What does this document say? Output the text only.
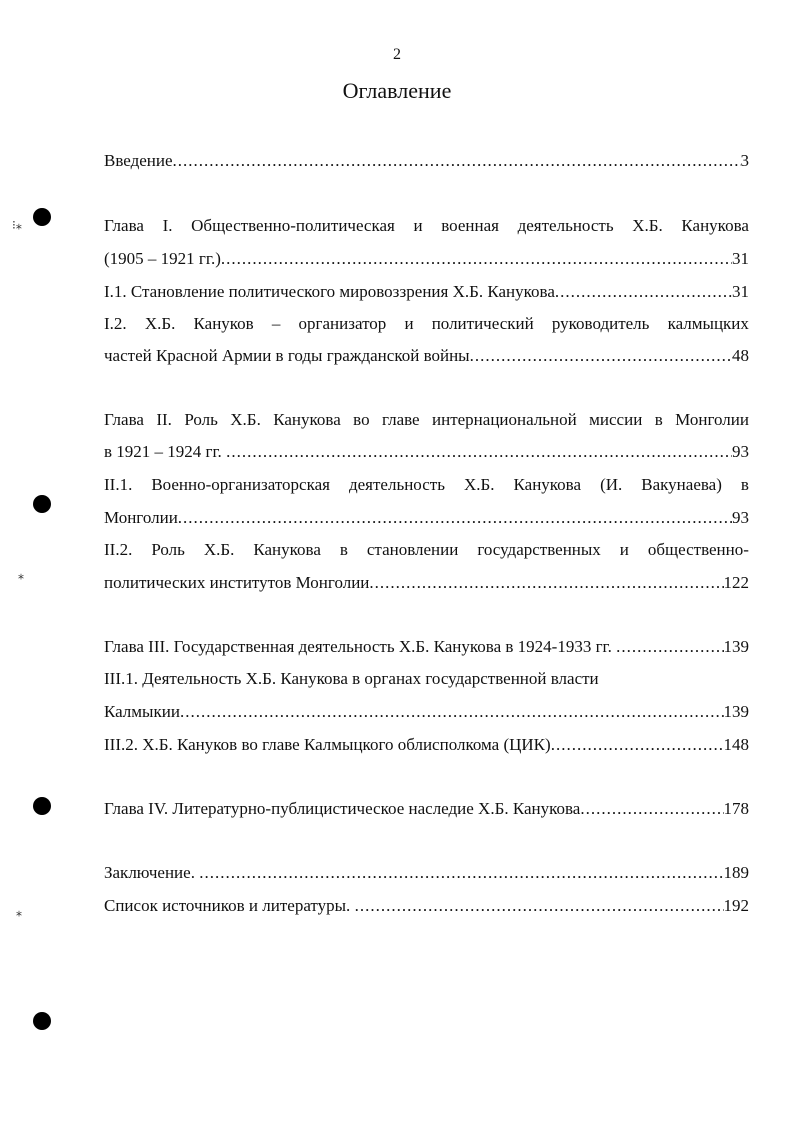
2
Оглавление
Введение .....	3
Глава I. Общественно-политическая и военная деятельность Х.Б. Канукова
(1905 – 1921 гг.) .....	31
I.1. Становление политического мировоззрения Х.Б. Канукова .....	31
I.2. Х.Б. Кануков – организатор и политический руководитель калмыцких
частей Красной Армии в годы гражданской войны .....	48
Глава II. Роль Х.Б. Канукова во главе интернациональной миссии в Монголии
в 1921 – 1924 гг. .....	93
II.1. Военно-организаторская деятельность Х.Б. Канукова (И. Вакунаева) в
Монголии .....	93
II.2. Роль Х.Б. Канукова в становлении государственных и общественно-
политических институтов Монголии .....	122
Глава III. Государственная деятельность Х.Б. Канукова в 1924-1933 гг. .....	139
III.1. Деятельность Х.Б. Канукова в органах государственной власти
Калмыкии .....	139
III.2. Х.Б. Кануков во главе Калмыцкого облисполкома (ЦИК) .....	148
Глава IV. Литературно-публицистическое наследие Х.Б. Канукова .....	178
Заключение. .....	189
Список источников и литературы. .....	192
⁝⁎
⁎
⁎
